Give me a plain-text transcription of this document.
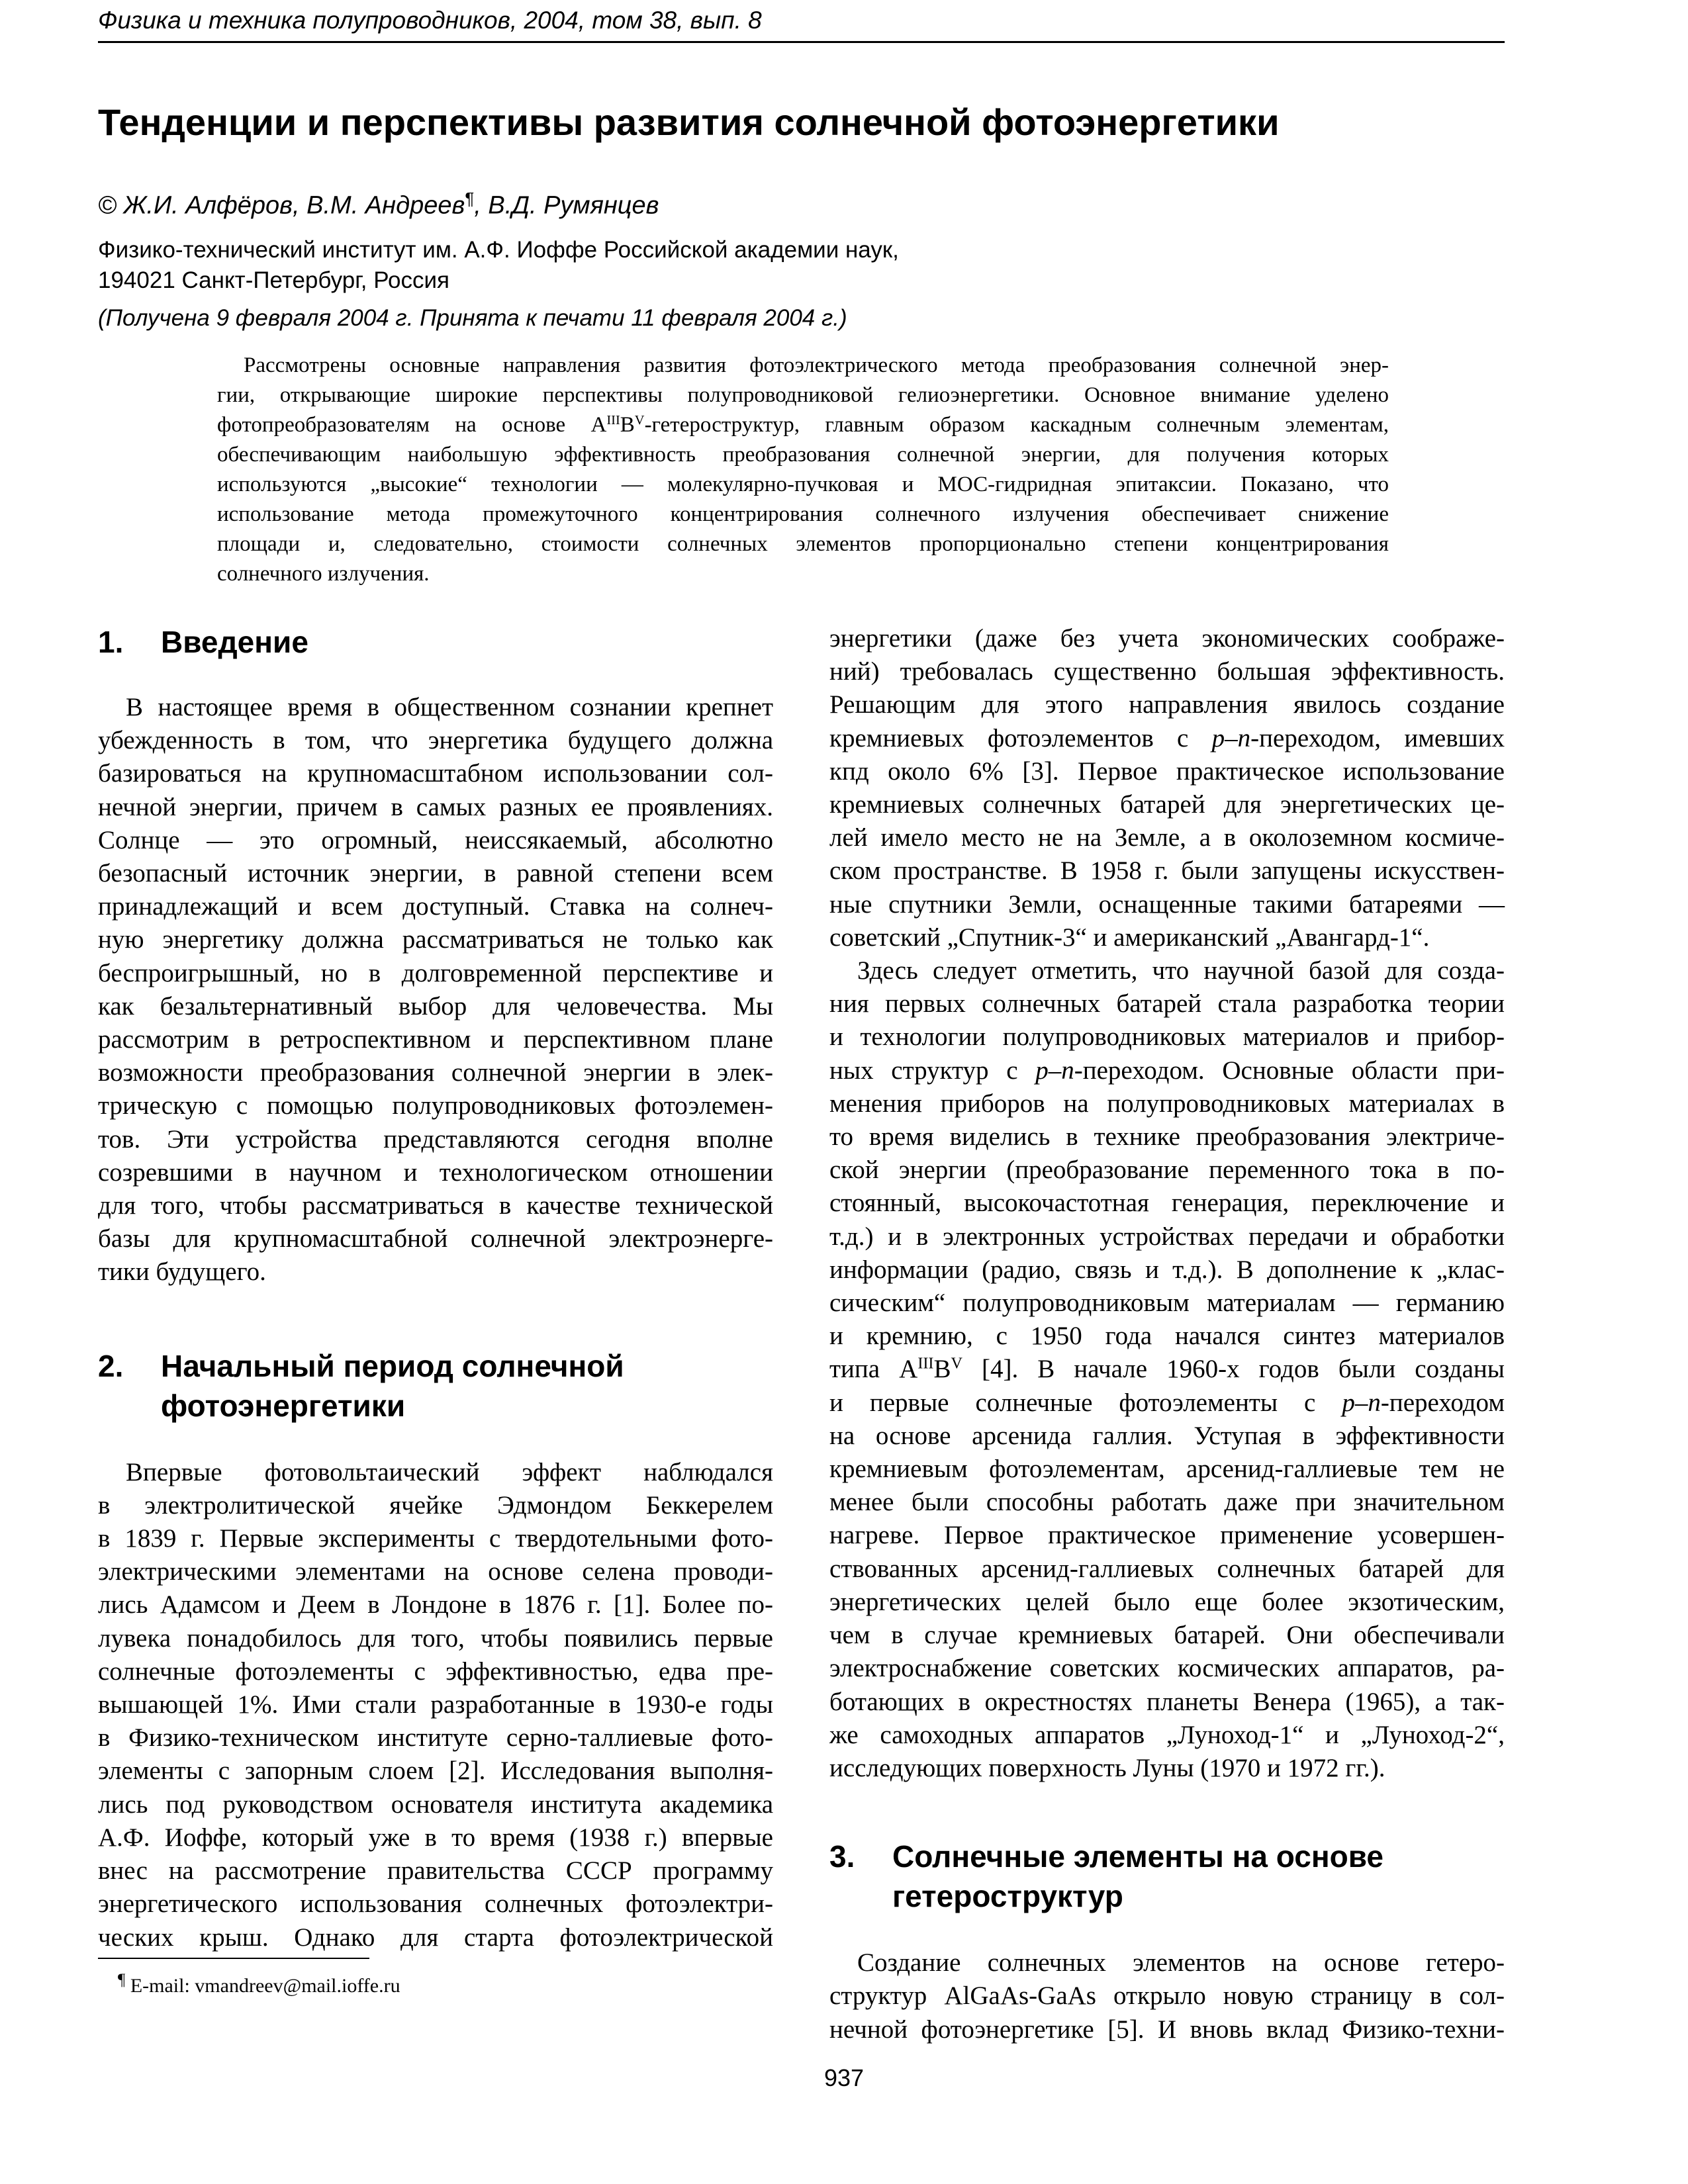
Физика и техника полупроводников, 2004, том 38, вып. 8
Тенденции и перспективы развития солнечной фотоэнергетики
© Ж.И. Алфёров, В.М. Андреев¶, В.Д. Румянцев
Физико-технический институт им. А.Ф. Иоффе Российской академии наук,
194021 Санкт-Петербург, Россия
(Получена 9 февраля 2004 г. Принята к печати 11 февраля 2004 г.)
Рассмотрены основные направления развития фотоэлектрического метода преобразования солнечной энер-
гии, открывающие широкие перспективы полупроводниковой гелиоэнергетики. Основное внимание уделено
фотопреобразователям на основе $A^{III}B^V$-гетероструктур, главным образом каскадным солнечным элементам,
обеспечивающим наибольшую эффективность преобразования солнечной энергии, для получения которых
используются „высокие“ технологии — молекулярно-пучковая и МОС-гидридная эпитаксии. Показано, что
использование метода промежуточного концентрирования солнечного излучения обеспечивает снижение
площади и, следовательно, стоимости солнечных элементов пропорционально степени концентрирования
солнечного излучения.
1. Введение
В настоящее время в общественном сознании крепнет
убежденность в том, что энергетика будущего должна
базироваться на крупномасштабном использовании сол-
нечной энергии, причем в самых разных ее проявлениях.
Солнце — это огромный, неиссякаемый, абсолютно
безопасный источник энергии, в равной степени всем
принадлежащий и всем доступный. Ставка на солнеч-
ную энергетику должна рассматриваться не только как
беспроигрышный, но в долговременной перспективе и
как безальтернативный выбор для человечества. Мы
рассмотрим в ретроспективном и перспективном плане
возможности преобразования солнечной энергии в элек-
трическую с помощью полупроводниковых фотоэлемен-
тов. Эти устройства представляются сегодня вполне
созревшими в научном и технологическом отношении
для того, чтобы рассматриваться в качестве технической
базы для крупномасштабной солнечной электроэнерге-
тики будущего.
2. Начальный период солнечной
фотоэнергетики
Впервые фотовольтаический эффект наблюдался
в электролитической ячейке Эдмондом Беккерелем
в 1839 г. Первые эксперименты с твердотельными фото-
электрическими элементами на основе селена проводи-
лись Адамсом и Деем в Лондоне в 1876 г. [1]. Более по-
лувека понадобилось для того, чтобы появились первые
солнечные фотоэлементы с эффективностью, едва пре-
вышающей 1%. Ими стали разработанные в 1930-е годы
в Физико-техническом институте серно-таллиевые фото-
элементы с запорным слоем [2]. Исследования выполня-
лись под руководством основателя института академика
А.Ф. Иоффе, который уже в то время (1938 г.) впервые
внес на рассмотрение правительства СССР программу
энергетического использования солнечных фотоэлектри-
ческих крыш. Однако для старта фотоэлектрической
энергетики (даже без учета экономических соображе-
ний) требовалась существенно большая эффективность.
Решающим для этого направления явилось создание
кремниевых фотоэлементов с p–n-переходом, имевших
кпд около 6% [3]. Первое практическое использование
кремниевых солнечных батарей для энергетических це-
лей имело место не на Земле, а в околоземном космиче-
ском пространстве. В 1958 г. были запущены искусствен-
ные спутники Земли, оснащенные такими батареями —
советский „Спутник-3“ и американский „Авангард-1“.
Здесь следует отметить, что научной базой для созда-
ния первых солнечных батарей стала разработка теории
и технологии полупроводниковых материалов и прибор-
ных структур с p–n-переходом. Основные области при-
менения приборов на полупроводниковых материалах в
то время виделись в технике преобразования электриче-
ской энергии (преобразование переменного тока в по-
стоянный, высокочастотная генерация, переключение и
т.д.) и в электронных устройствах передачи и обработки
информации (радио, связь и т.д.). В дополнение к „клас-
сическим“ полупроводниковым материалам — германию
и кремнию, с 1950 года начался синтез материалов
типа $A^{III}B^V$ [4]. В начале 1960-х годов были созданы
и первые солнечные фотоэлементы с p–n-переходом
на основе арсенида галлия. Уступая в эффективности
кремниевым фотоэлементам, арсенид-галлиевые тем не
менее были способны работать даже при значительном
нагреве. Первое практическое применение усовершен-
ствованных арсенид-галлиевых солнечных батарей для
энергетических целей было еще более экзотическим,
чем в случае кремниевых батарей. Они обеспечивали
электроснабжение советских космических аппаратов, ра-
ботающих в окрестностях планеты Венера (1965), а так-
же самоходных аппаратов „Луноход-1“ и „Луноход-2“,
исследующих поверхность Луны (1970 и 1972 гг.).
3. Солнечные элементы на основе
гетероструктур
Создание солнечных элементов на основе гетеро-
структур AlGaAs-GaAs открыло новую страницу в сол-
нечной фотоэнергетике [5]. И вновь вклад Физико-техни-
¶ E-mail: vmandreev@mail.ioffe.ru
937
